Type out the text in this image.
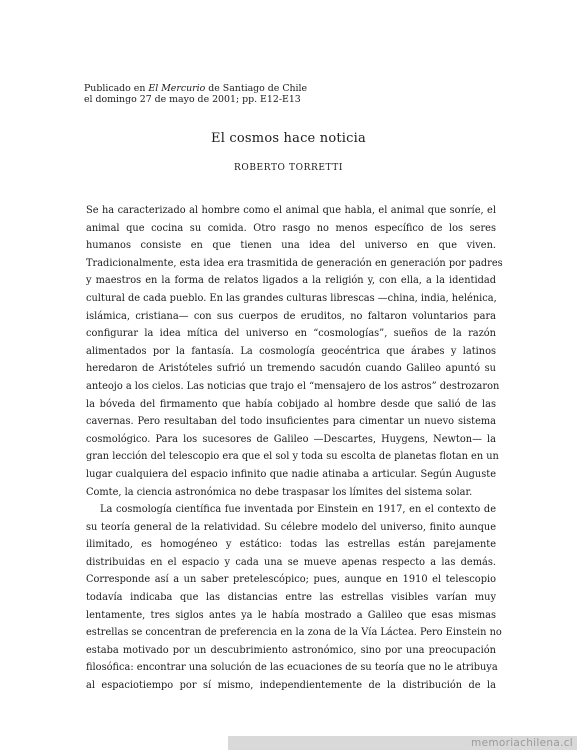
Publicado en El Mercurio de Santiago de Chile
el domingo 27 de mayo de 2001; pp. E12-E13
El cosmos hace noticia
ROBERTO TORRETTI
Se ha caracterizado al hombre como el animal que habla, el animal que sonríe, el
animal que cocina su comida. Otro rasgo no menos específico de los seres
humanos consiste en que tienen una idea del universo en que viven.
Tradicionalmente, esta idea era trasmitida de generación en generación por padres
y maestros en la forma de relatos ligados a la religión y, con ella, a la identidad
cultural de cada pueblo. En las grandes culturas librescas —china, india, helénica,
islámica, cristiana— con sus cuerpos de eruditos, no faltaron voluntarios para
configurar la idea mítica del universo en “cosmologías”, sueños de la razón
alimentados por la fantasía. La cosmología geocéntrica que árabes y latinos
heredaron de Aristóteles sufrió un tremendo sacudón cuando Galileo apuntó su
anteojo a los cielos. Las noticias que trajo el “mensajero de los astros” destrozaron
la bóveda del firmamento que había cobijado al hombre desde que salió de las
cavernas. Pero resultaban del todo insuficientes para cimentar un nuevo sistema
cosmológico. Para los sucesores de Galileo —Descartes, Huygens, Newton— la
gran lección del telescopio era que el sol y toda su escolta de planetas flotan en un
lugar cualquiera del espacio infinito que nadie atinaba a articular. Según Auguste
Comte, la ciencia astronómica no debe traspasar los límites del sistema solar.
La cosmología científica fue inventada por Einstein en 1917, en el contexto de
su teoría general de la relatividad. Su célebre modelo del universo, finito aunque
ilimitado, es homogéneo y estático: todas las estrellas están parejamente
distribuidas en el espacio y cada una se mueve apenas respecto a las demás.
Corresponde así a un saber pretelescópico; pues, aunque en 1910 el telescopio
todavía indicaba que las distancias entre las estrellas visibles varían muy
lentamente, tres siglos antes ya le había mostrado a Galileo que esas mismas
estrellas se concentran de preferencia en la zona de la Vía Láctea. Pero Einstein no
estaba motivado por un descubrimiento astronómico, sino por una preocupación
filosófica: encontrar una solución de las ecuaciones de su teoría que no le atribuya
al espaciotiempo por sí mismo, independientemente de la distribución de la
memoriachilena.cl
